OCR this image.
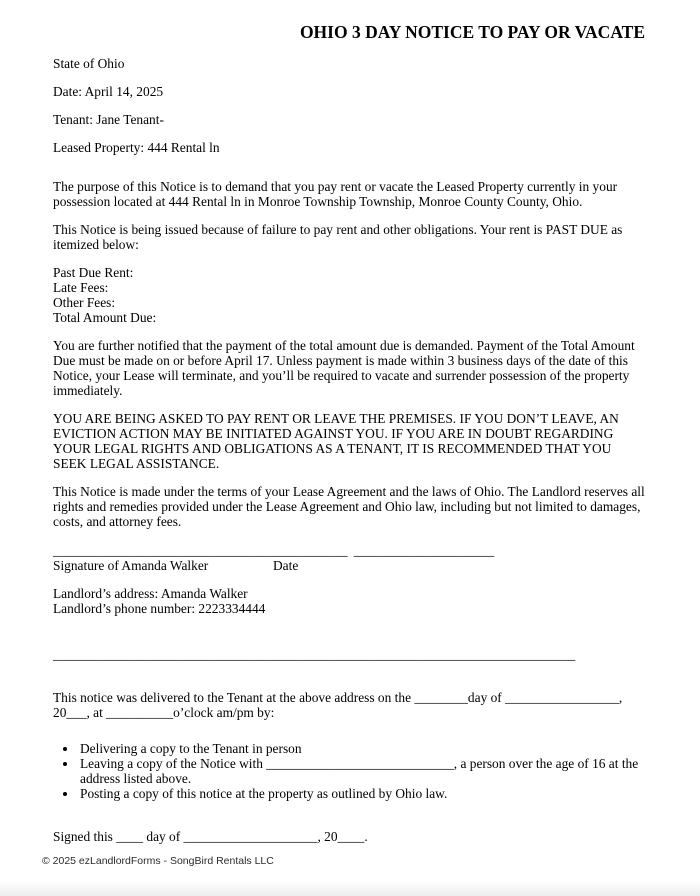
OHIO 3 DAY NOTICE TO PAY OR VACATE
State of Ohio
Date: April 14, 2025
Tenant: Jane Tenant-
Leased Property: 444 Rental ln

The purpose of this Notice is to demand that you pay rent or vacate the Leased Property currently in your possession located at 444 Rental ln in Monroe Township Township, Monroe County County, Ohio.

This Notice is being issued because of failure to pay rent and other obligations. Your rent is PAST DUE as itemized below:

Past Due Rent:
Late Fees:
Other Fees:
Total Amount Due:

You are further notified that the payment of the total amount due is demanded. Payment of the Total Amount Due must be made on or before April 17. Unless payment is made within 3 business days of the date of this Notice, your Lease will terminate, and you’ll be required to vacate and surrender possession of the property immediately.

YOU ARE BEING ASKED TO PAY RENT OR LEAVE THE PREMISES. IF YOU DON’T LEAVE, AN EVICTION ACTION MAY BE INITIATED AGAINST YOU. IF YOU ARE IN DOUBT REGARDING YOUR LEGAL RIGHTS AND OBLIGATIONS AS A TENANT, IT IS RECOMMENDED THAT YOU SEEK LEGAL ASSISTANCE.

This Notice is made under the terms of your Lease Agreement and the laws of Ohio. The Landlord reserves all rights and remedies provided under the Lease Agreement and Ohio law, including but not limited to damages, costs, and attorney fees.

____________________________________________ _____________________
Signature of Amanda Walker	Date
Landlord’s address: Amanda Walker
Landlord’s phone number: 2223334444
______________________________________________________________________________
This notice was delivered to the Tenant at the above address on the ________day of _________________,
20___, at __________o’clock am/pm by:
• Delivering a copy to the Tenant in person
• Leaving a copy of the Notice with ____________________________, a person over the age of 16 at the address listed above.
• Posting a copy of this notice at the property as outlined by Ohio law.
Signed this ____ day of ____________________, 20____.
© 2025 ezLandlordForms - SongBird Rentals LLC
